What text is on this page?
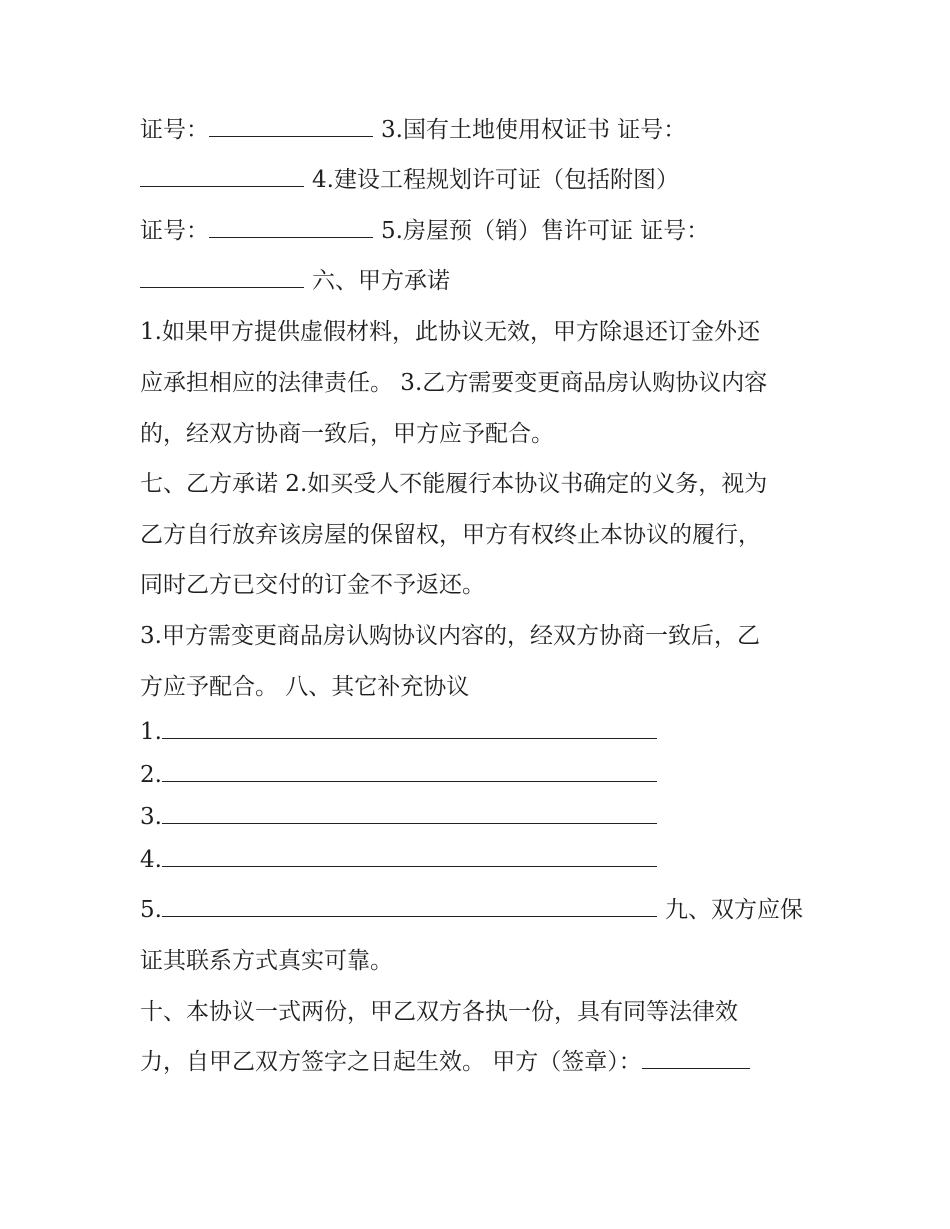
证号：	3.国有土地使用权证书 证号：
4.建设工程规划许可证（包括附图）
证号：	5.房屋预（销）售许可证 证号：
六、甲方承诺
1.如果甲方提供虚假材料，此协议无效，甲方除退还订金外还
应承担相应的法律责任。 3.乙方需要变更商品房认购协议内容
的，经双方协商一致后，甲方应予配合。
七、乙方承诺 2.如买受人不能履行本协议书确定的义务，视为
乙方自行放弃该房屋的保留权，甲方有权终止本协议的履行，
同时乙方已交付的订金不予返还。
3.甲方需变更商品房认购协议内容的，经双方协商一致后，乙
方应予配合。 八、其它补充协议
1.
2.
3.
4.
5.	九、双方应保
证其联系方式真实可靠。
十、本协议一式两份，甲乙双方各执一份，具有同等法律效
力，自甲乙双方签字之日起生效。 甲方（签章）：
